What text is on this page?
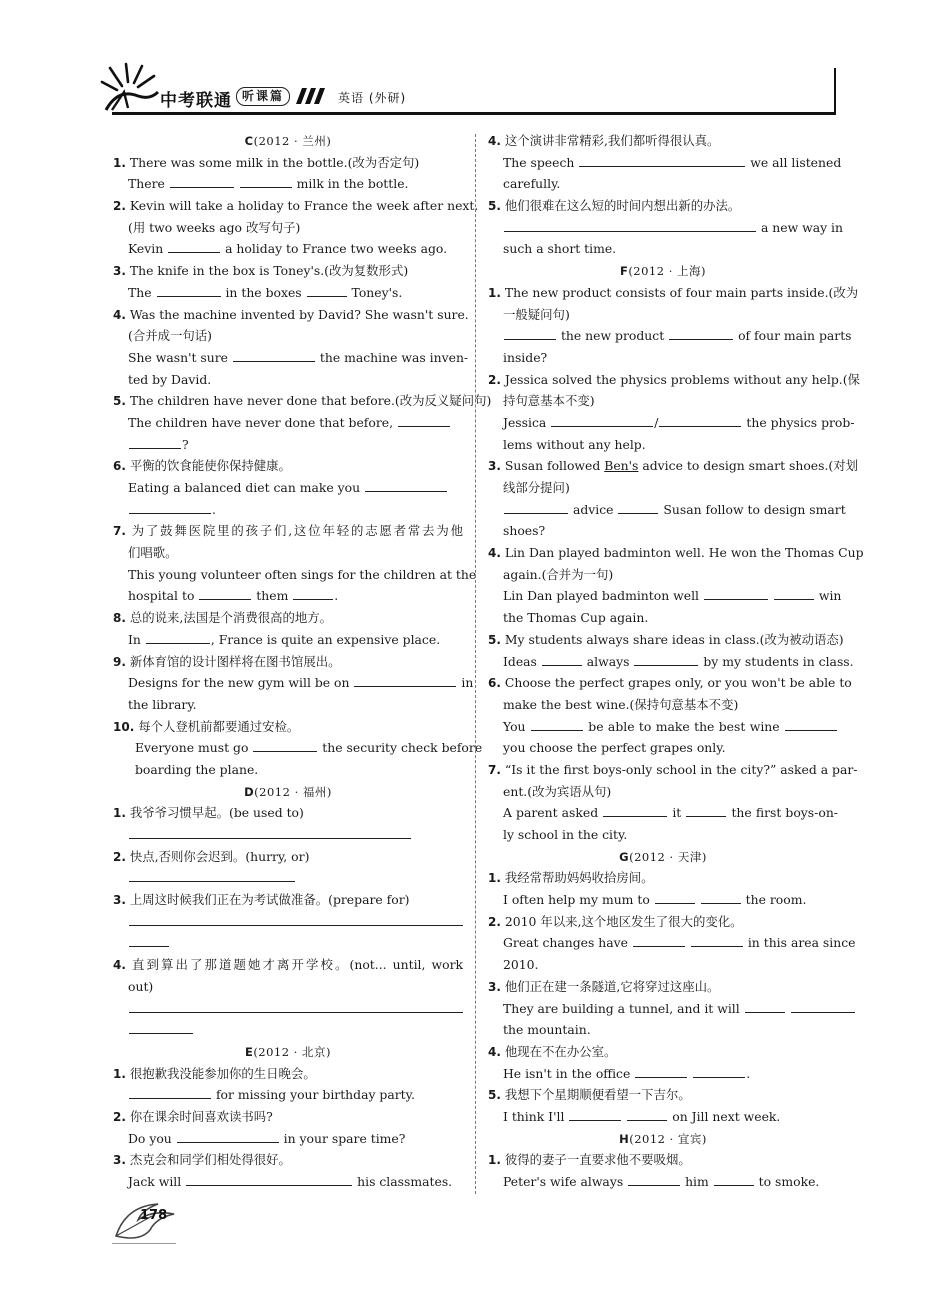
中考联通 听课篇	英语 (外研)
C(2012 · 兰州)
1. There was some milk in the bottle.(改为否定句)
There	milk in the bottle.
2. Kevin will take a holiday to France the week after next.
(用 two weeks ago 改写句子)
Kevin	a holiday to France two weeks ago.
3. The knife in the box is Toney's.(改为复数形式)
The	in the boxes	Toney's.
4. Was the machine invented by David? She wasn't sure.
(合并成一句话)
She wasn't sure	the machine was inven-
ted by David.
5. The children have never done that before.(改为反义疑问句)
The children have never done that before,
?
6. 平衡的饮食能使你保持健康。
Eating a balanced diet can make you
.
7. 为了鼓舞医院里的孩子们,这位年轻的志愿者常去为他
们唱歌。
This young volunteer often sings for the children at the
hospital to	them	.
8. 总的说来,法国是个消费很高的地方。
In	, France is quite an expensive place.
9. 新体育馆的设计图样将在图书馆展出。
Designs for the new gym will be on	in
the library.
10. 每个人登机前都要通过安检。
Everyone must go	the security check before
boarding the plane.
D(2012 · 福州)
1. 我爷爷习惯早起。(be used to)
2. 快点,否则你会迟到。(hurry, or)
3. 上周这时候我们正在为考试做准备。(prepare for)
4. 直到算出了那道题她才离开学校。(not... until, work
out)
E(2012 · 北京)
1. 很抱歉我没能参加你的生日晚会。
for missing your birthday party.
2. 你在课余时间喜欢读书吗?
Do you	in your spare time?
3. 杰克会和同学们相处得很好。
Jack will	his classmates.
4. 这个演讲非常精彩,我们都听得很认真。
The speech	we all listened
carefully.
5. 他们很难在这么短的时间内想出新的办法。
a new way in
such a short time.
F(2012 · 上海)
1. The new product consists of four main parts inside.(改为
一般疑问句)
the new product	of four main parts
inside?
2. Jessica solved the physics problems without any help.(保
持句意基本不变)
Jessica	/	the physics prob-
lems without any help.
3. Susan followed Ben's advice to design smart shoes.(对划
线部分提问)
advice	Susan follow to design smart
shoes?
4. Lin Dan played badminton well. He won the Thomas Cup
again.(合并为一句)
Lin Dan played badminton well	win
the Thomas Cup again.
5. My students always share ideas in class.(改为被动语态)
Ideas	always	by my students in class.
6. Choose the perfect grapes only, or you won't be able to
make the best wine.(保持句意基本不变)
You	be able to make the best wine
you choose the perfect grapes only.
7. “Is it the first boys-only school in the city?” asked a par-
ent.(改为宾语从句)
A parent asked	it	the first boys-on-
ly school in the city.
G(2012 · 天津)
1. 我经常帮助妈妈收拾房间。
I often help my mum to	the room.
2. 2010 年以来,这个地区发生了很大的变化。
Great changes have	in this area since
2010.
3. 他们正在建一条隧道,它将穿过这座山。
They are building a tunnel, and it will
the mountain.
4. 他现在不在办公室。
He isn't in the office	.
5. 我想下个星期顺便看望一下吉尔。
I think I'll	on Jill next week.
H(2012 · 宜宾)
1. 彼得的妻子一直要求他不要吸烟。
Peter's wife always	him	to smoke.
178
